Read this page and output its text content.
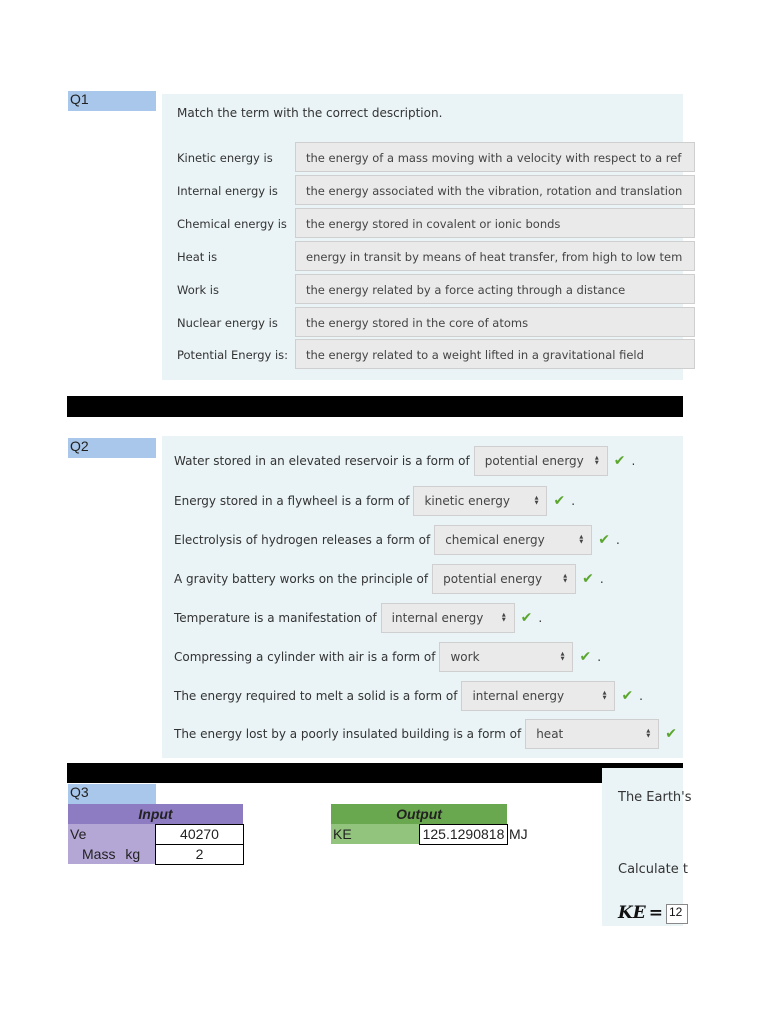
Q1
Match the term with the correct description.
Kinetic energy is	the energy of a mass moving with a velocity with respect to a ref
Internal energy is	the energy associated with the vibration, rotation and translation
Chemical energy is	the energy stored in covalent or ionic bonds
Heat is	energy in transit by means of heat transfer, from high to low tem
Work is	the energy related by a force acting through a distance
Nuclear energy is	the energy stored in the core of atoms
Potential Energy is:	the energy related to a weight lifted in a gravitational field
Q2
Water stored in an elevated reservoir is a form of potential energy ▲
▼ ✔ .
Energy stored in a flywheel is a form of kinetic energy	▲
▼ ✔ .
Electrolysis of hydrogen releases a form of chemical energy	▲
▼ ✔ .
A gravity battery works on the principle of potential energy	▲
▼ ✔ .
Temperature is a manifestation of internal energy	▲
▼ ✔ .
Compressing a cylinder with air is a form of work	▲
▼ ✔ .
The energy required to melt a solid is a form of internal energy	▲
▼ ✔ .
The energy lost by a poorly insulated building is a form of heat	▲
▼ ✔
Q3
Input
Ve	40270
Mass kg	2
Output
KE	125.1290818 MJ
The Earth's
Calculate t
KE = 12
